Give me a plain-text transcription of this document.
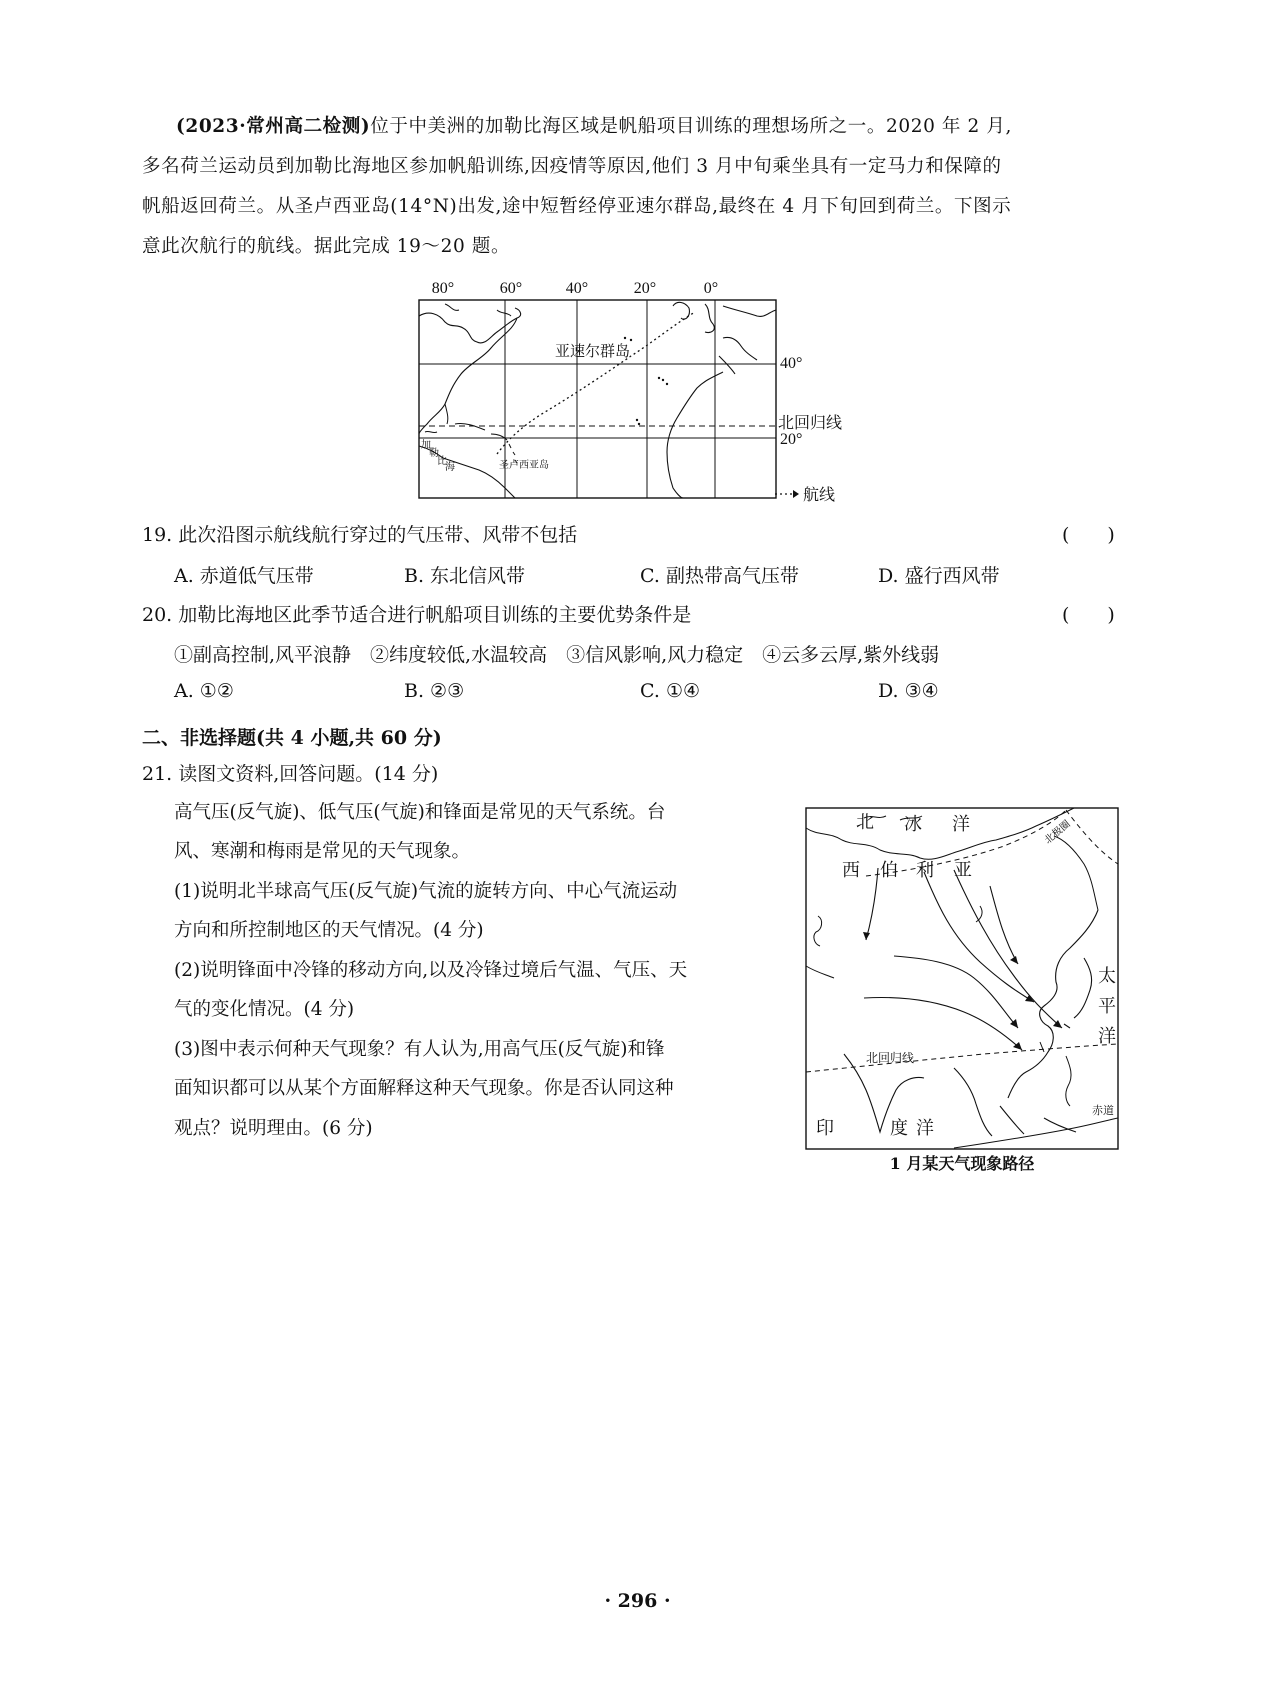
(2023·常州高二检测)位于中美洲的加勒比海区域是帆船项目训练的理想场所之一。2020 年 2 月,
多名荷兰运动员到加勒比海地区参加帆船训练,因疫情等原因,他们 3 月中旬乘坐具有一定马力和保障的
帆船返回荷兰。从圣卢西亚岛(14°N)出发,途中短暂经停亚速尔群岛,最终在 4 月下旬回到荷兰。下图示
意此次航行的航线。据此完成 19～20 题。
80°	60°	40°	20°	0°
亚速尔群岛
40°
北回归线
20°
加
勒
比
海	圣卢西亚岛
航线
19. 此次沿图示航线航行穿过的气压带、风带不包括	(　　)
A. 赤道低气压带	B. 东北信风带	C. 副热带高气压带	D. 盛行西风带
20. 加勒比海地区此季节适合进行帆船项目训练的主要优势条件是	(　　)
①副高控制,风平浪静　②纬度较低,水温较高　③信风影响,风力稳定　④云多云厚,紫外线弱
A. ①②	B. ②③	C. ①④	D. ③④
二、非选择题(共 4 小题,共 60 分)
21. 读图文资料,回答问题。(14 分)
高气压(反气旋)、低气压(气旋)和锋面是常见的天气系统。台
风、寒潮和梅雨是常见的天气现象。
(1)说明北半球高气压(反气旋)气流的旋转方向、中心气流运动
方向和所控制地区的天气情况。(4 分)
(2)说明锋面中冷锋的移动方向,以及冷锋过境后气温、气压、天
气的变化情况。(4 分)
(3)图中表示何种天气现象？有人认为,用高气压(反气旋)和锋
面知识都可以从某个方面解释这种天气现象。你是否认同这种
观点？说明理由。(6 分)
北 冰 洋	北极圈
西 伯 利 亚
太
平
洋
北回归线
印	度 洋
赤道
1 月某天气现象路径
· 296 ·
